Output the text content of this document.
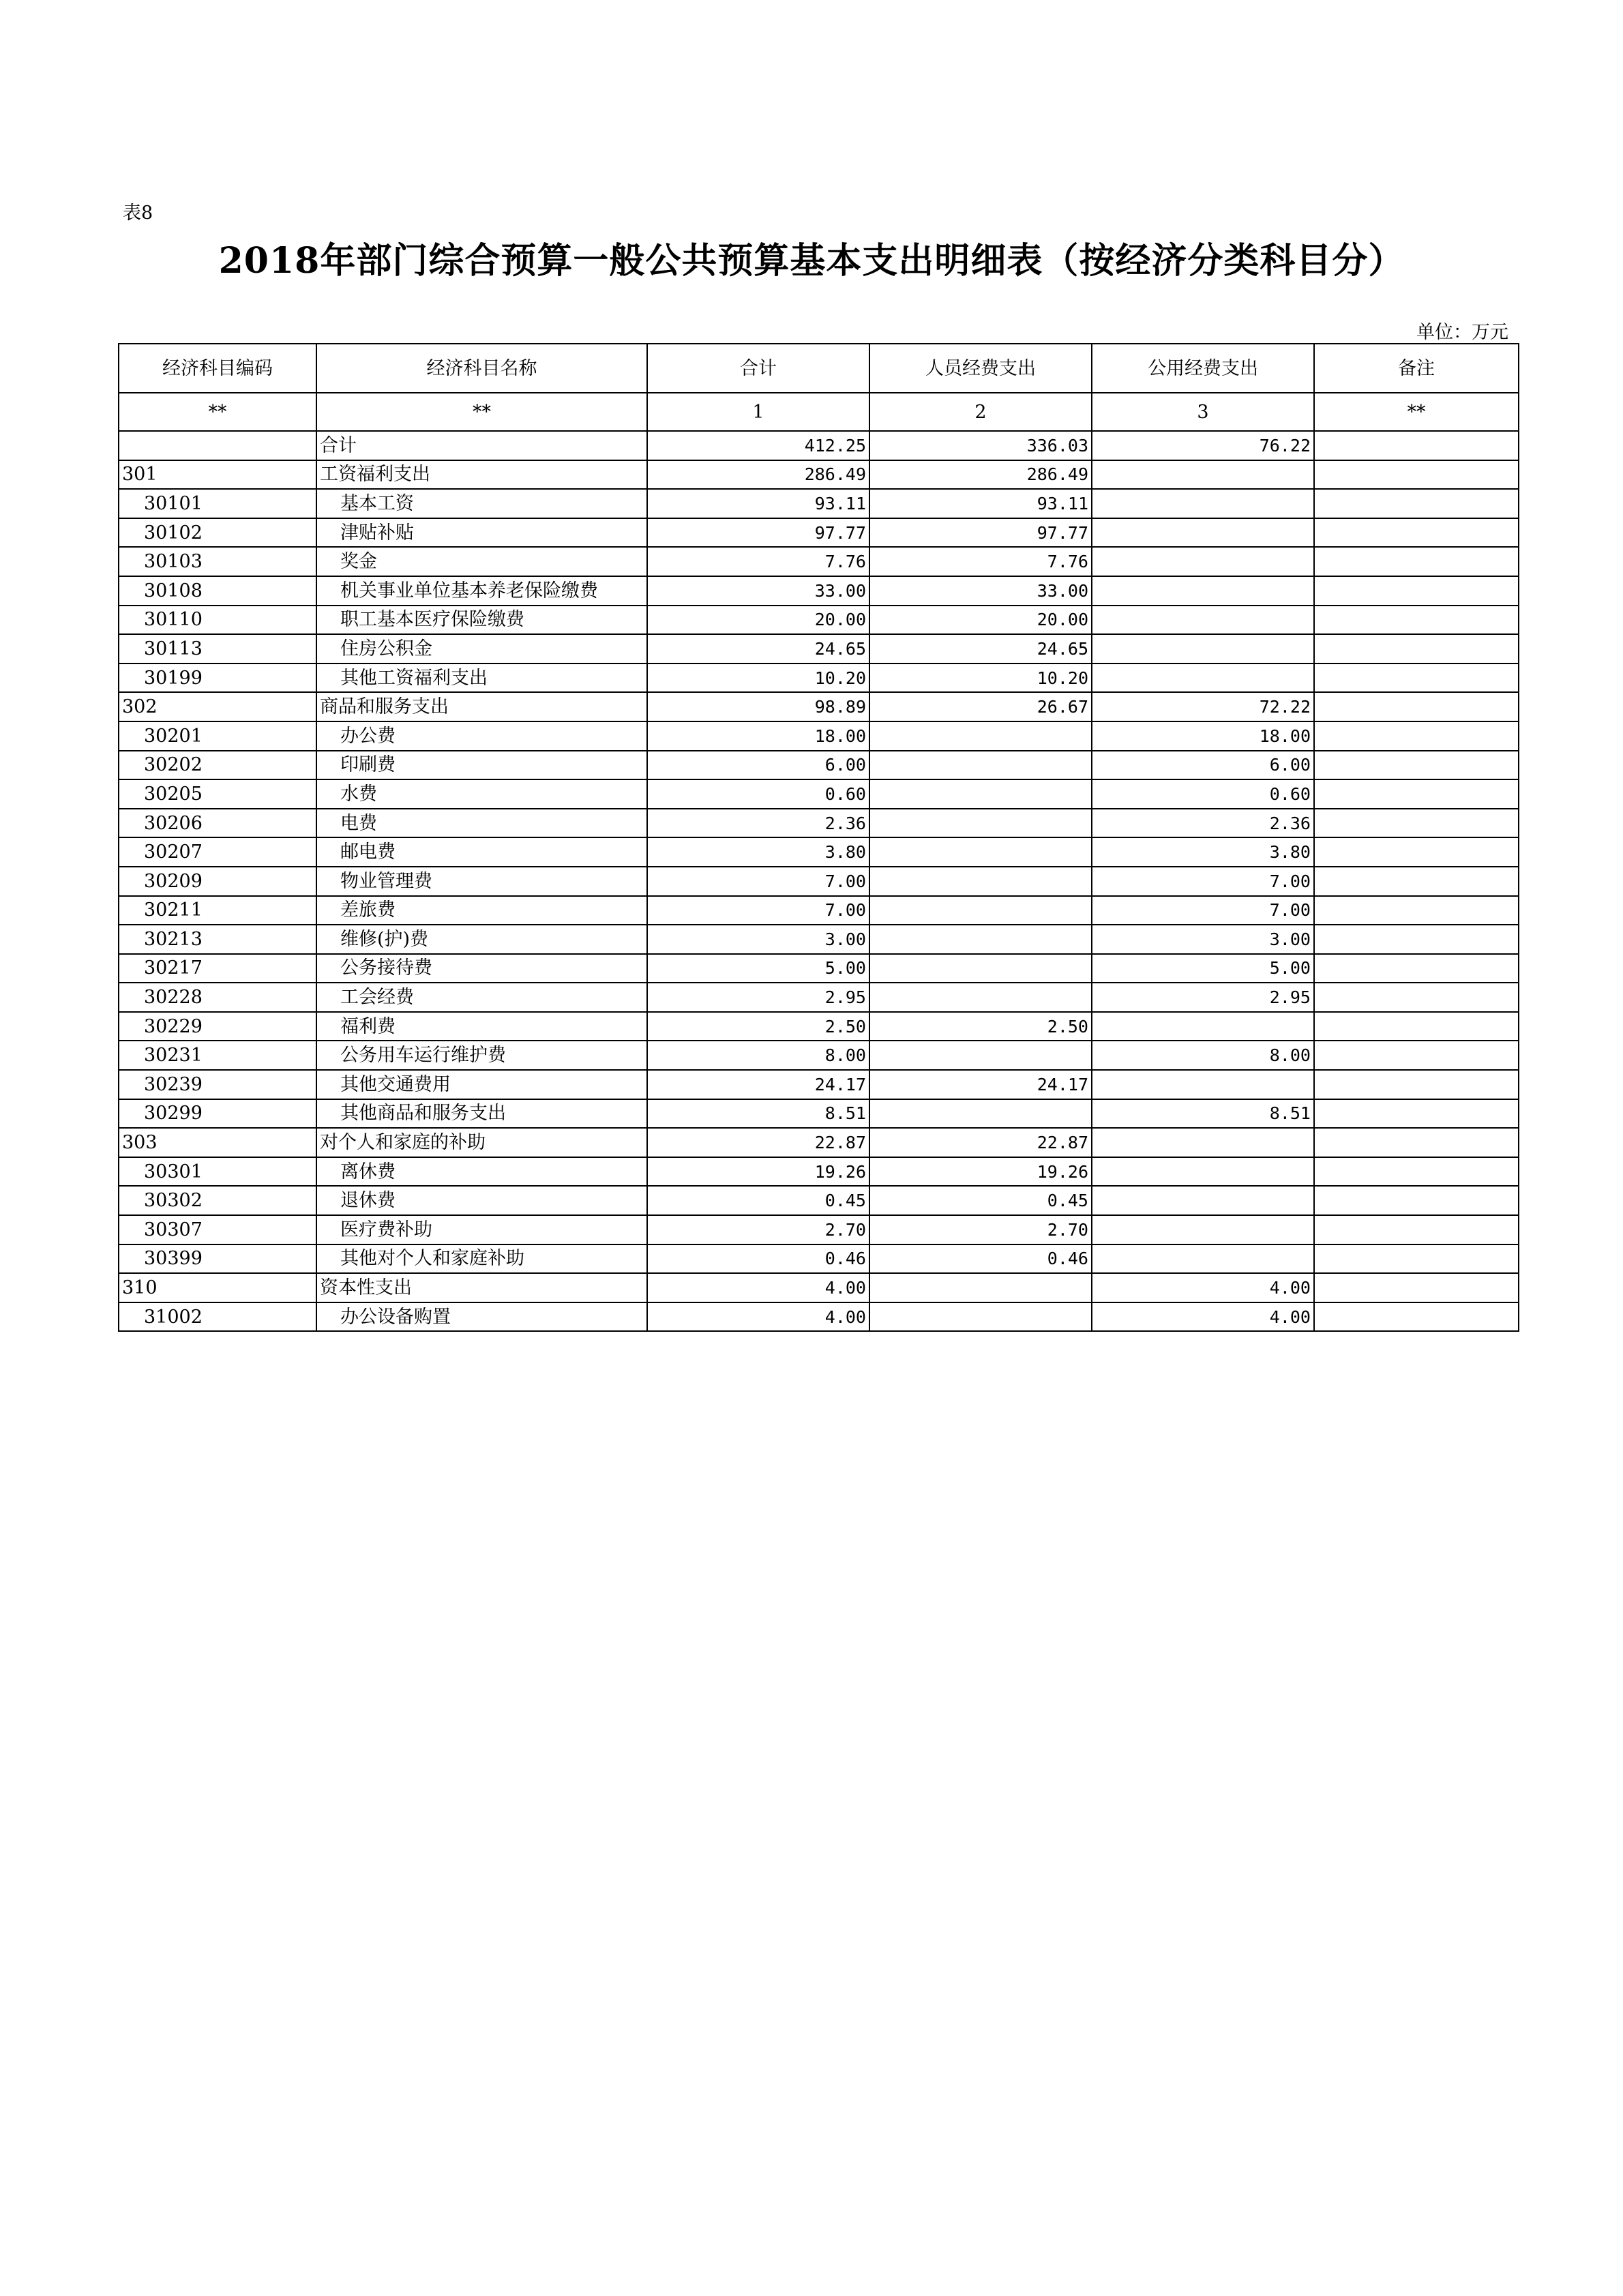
表8
2018年部门综合预算一般公共预算基本支出明细表（按经济分类科目分）
单位：万元
经济科目编码	经济科目名称	合计	人员经费支出	公用经费支出	备注
**	**	1	2	3	**
	合计	412.25	336.03	76.22	
301	工资福利支出	286.49	286.49		
30101	基本工资	93.11	93.11		
30102	津贴补贴	97.77	97.77		
30103	奖金	7.76	7.76		
30108	机关事业单位基本养老保险缴费	33.00	33.00		
30110	职工基本医疗保险缴费	20.00	20.00		
30113	住房公积金	24.65	24.65		
30199	其他工资福利支出	10.20	10.20		
302	商品和服务支出	98.89	26.67	72.22	
30201	办公费	18.00		18.00	
30202	印刷费	6.00		6.00	
30205	水费	0.60		0.60	
30206	电费	2.36		2.36	
30207	邮电费	3.80		3.80	
30209	物业管理费	7.00		7.00	
30211	差旅费	7.00		7.00	
30213	维修(护)费	3.00		3.00	
30217	公务接待费	5.00		5.00	
30228	工会经费	2.95		2.95	
30229	福利费	2.50	2.50		
30231	公务用车运行维护费	8.00		8.00	
30239	其他交通费用	24.17	24.17		
30299	其他商品和服务支出	8.51		8.51	
303	对个人和家庭的补助	22.87	22.87		
30301	离休费	19.26	19.26		
30302	退休费	0.45	0.45		
30307	医疗费补助	2.70	2.70		
30399	其他对个人和家庭补助	0.46	0.46		
310	资本性支出	4.00		4.00	
31002	办公设备购置	4.00		4.00	
